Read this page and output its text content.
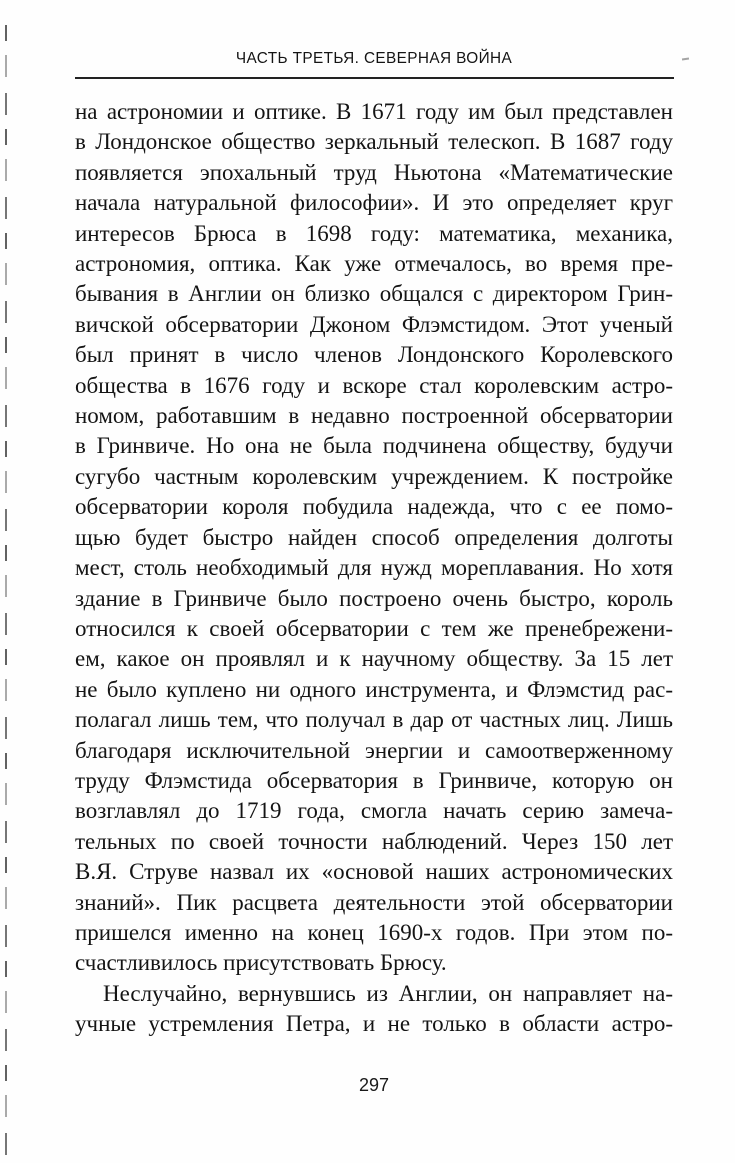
ЧАСТЬ ТРЕТЬЯ. СЕВЕРНАЯ ВОЙНА
на астрономии и оптике. В 1671 году им был представлен
в Лондонское общество зеркальный телескоп. В 1687 году
появляется эпохальный труд Ньютона «Математические
начала натуральной философии». И это определяет круг
интересов Брюса в 1698 году: математика, механика,
астрономия, оптика. Как уже отмечалось, во время пре-
бывания в Англии он близко общался с директором Грин-
вичской обсерватории Джоном Флэмстидом. Этот ученый
был принят в число членов Лондонского Королевского
общества в 1676 году и вскоре стал королевским астро-
номом, работавшим в недавно построенной обсерватории
в Гринвиче. Но она не была подчинена обществу, будучи
сугубо частным королевским учреждением. К постройке
обсерватории короля побудила надежда, что с ее помо-
щью будет быстро найден способ определения долготы
мест, столь необходимый для нужд мореплавания. Но хотя
здание в Гринвиче было построено очень быстро, король
относился к своей обсерватории с тем же пренебрежени-
ем, какое он проявлял и к научному обществу. За 15 лет
не было куплено ни одного инструмента, и Флэмстид рас-
полагал лишь тем, что получал в дар от частных лиц. Лишь
благодаря исключительной энергии и самоотверженному
труду Флэмстида обсерватория в Гринвиче, которую он
возглавлял до 1719 года, смогла начать серию замеча-
тельных по своей точности наблюдений. Через 150 лет
В.Я. Струве назвал их «основой наших астрономических
знаний». Пик расцвета деятельности этой обсерватории
пришелся именно на конец 1690-х годов. При этом по-
счастливилось присутствовать Брюсу.
Неслучайно, вернувшись из Англии, он направляет на-
учные устремления Петра, и не только в области астро-
297
